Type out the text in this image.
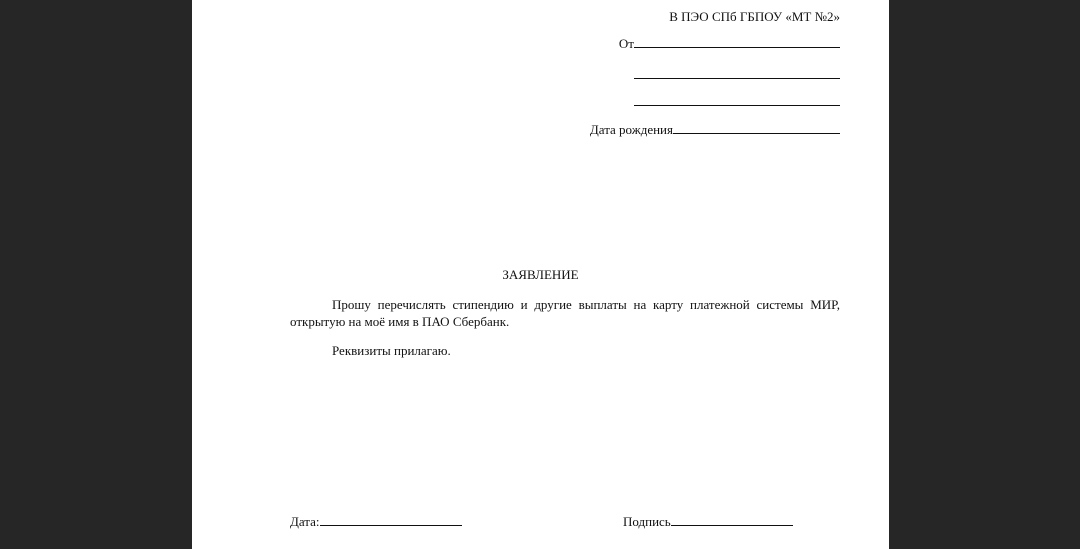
В ПЭО СПб ГБПОУ «МТ №2»
От
Дата рождения
ЗАЯВЛЕНИЕ
Прошу перечислять стипендию и другие выплаты на карту платежной системы МИР, открытую на моё имя в ПАО Сбербанк.
Реквизиты прилагаю.
Дата:	Подпись
